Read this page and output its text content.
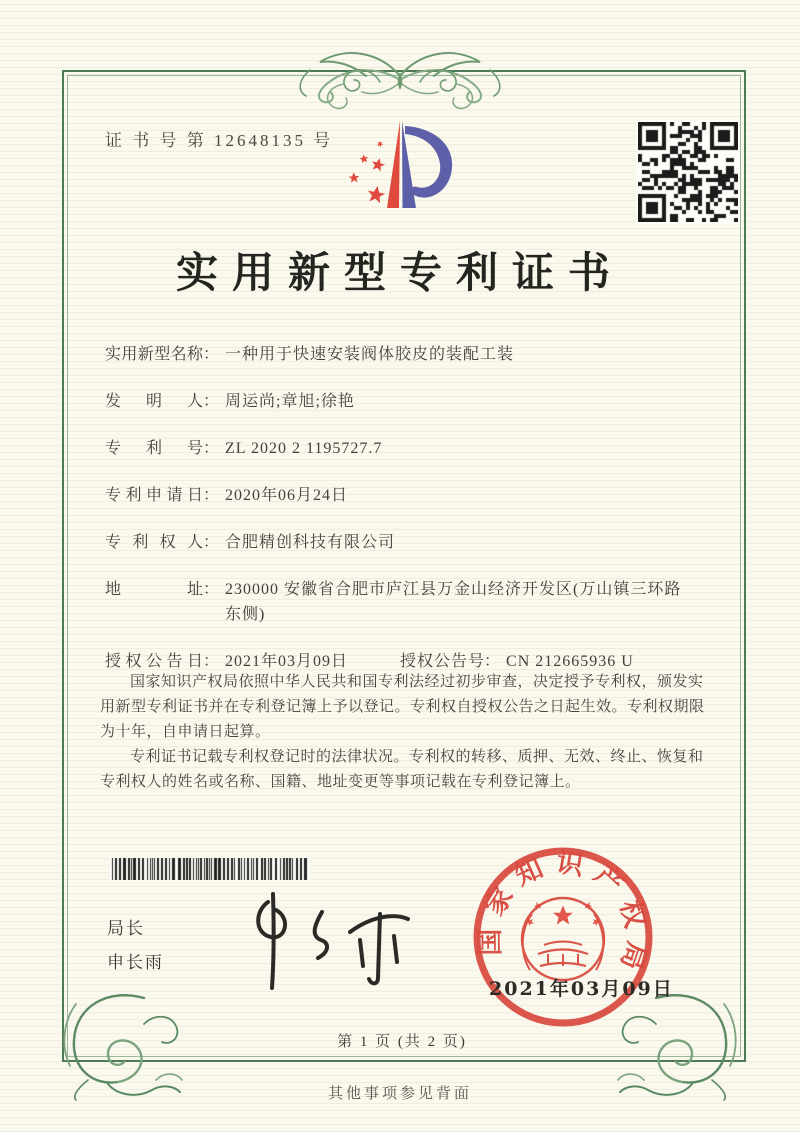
证 书 号 第 12648135 号
实用新型专利证书
实用新型名称： 一种用于快速安装阀体胶皮的装配工装
发明人： 周运尚;章旭;徐艳
专利号： ZL 2020 2 1195727.7
专利申请日： 2020年06月24日
专利权人： 合肥精创科技有限公司
地址： 230000 安徽省合肥市庐江县万金山经济开发区(万山镇三环路东侧)
授权公告日： 2021年03月09日	授权公告号： CN 212665936 U

国家知识产权局依照中华人民共和国专利法经过初步审查，决定授予专利权，颁发实用新型专利证书并在专利登记簿上予以登记。专利权自授权公告之日起生效。专利权期限为十年，自申请日起算。

专利证书记载专利权登记时的法律状况。专利权的转移、质押、无效、终止、恢复和专利权人的姓名或名称、国籍、地址变更等事项记载在专利登记簿上。

局长
申长雨
国家知识产权局
2021年03月09日
第 1 页 (共 2 页)
其他事项参见背面
